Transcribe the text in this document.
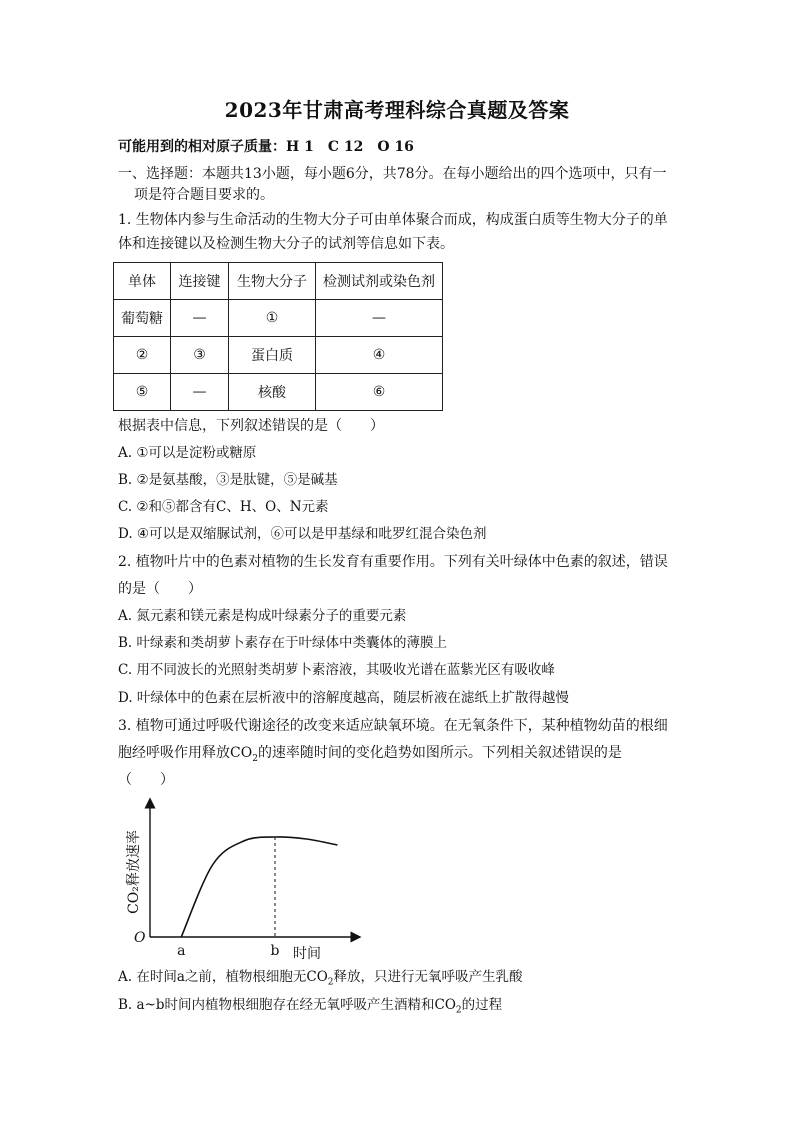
2023年甘肃高考理科综合真题及答案
可能用到的相对原子质量：H 1　C 12　O 16
一、选择题：本题共13小题，每小题6分，共78分。在每小题给出的四个选项中，只有一
项是符合题目要求的。
1. 生物体内参与生命活动的生物大分子可由单体聚合而成，构成蛋白质等生物大分子的单
体和连接键以及检测生物大分子的试剂等信息如下表。
单体	连接键	生物大分子	检测试剂或染色剂
葡萄糖	—	①	—
②	③	蛋白质	④
⑤	—	核酸	⑥
根据表中信息，下列叙述错误的是（　　）
A. ①可以是淀粉或糖原
B. ②是氨基酸，③是肽键，⑤是碱基
C. ②和⑤都含有C、H、O、N元素
D. ④可以是双缩脲试剂，⑥可以是甲基绿和吡罗红混合染色剂
2. 植物叶片中的色素对植物的生长发育有重要作用。下列有关叶绿体中色素的叙述，错误
的是（　　）
A. 氮元素和镁元素是构成叶绿素分子的重要元素
B. 叶绿素和类胡萝卜素存在于叶绿体中类囊体的薄膜上
C. 用不同波长的光照射类胡萝卜素溶液，其吸收光谱在蓝紫光区有吸收峰
D. 叶绿体中的色素在层析液中的溶解度越高，随层析液在滤纸上扩散得越慢
3. 植物可通过呼吸代谢途径的改变来适应缺氧环境。在无氧条件下，某种植物幼苗的根细
胞经呼吸作用释放$CO_2$的速率随时间的变化趋势如图所示。下列相关叙述错误的是
（　　）
O
a	b 时间
CO₂释放速率
A. 在时间a之前，植物根细胞无$CO_2$释放，只进行无氧呼吸产生乳酸
B. a~b时间内植物根细胞存在经无氧呼吸产生酒精和$CO_2$的过程
